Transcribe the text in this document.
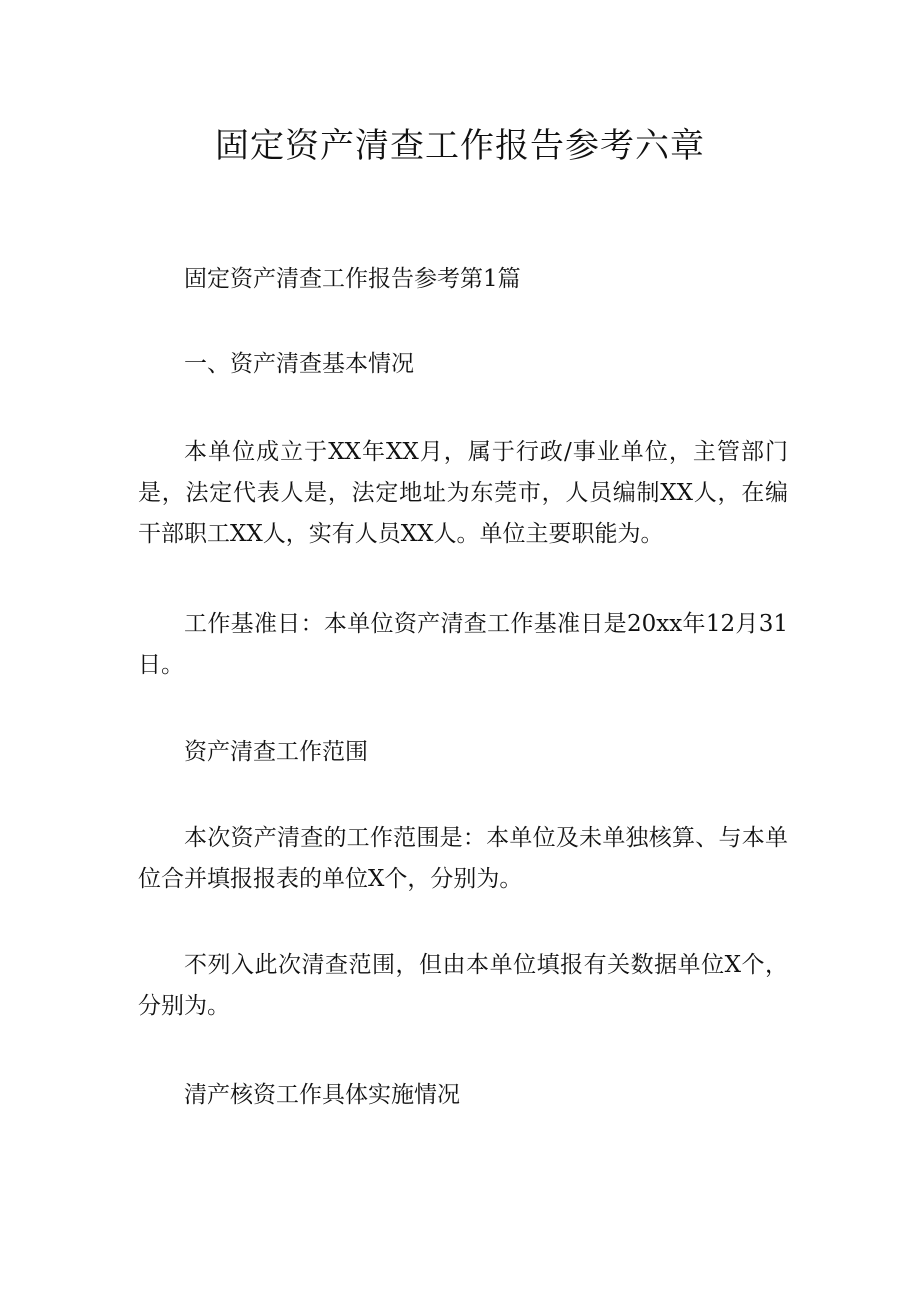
固定资产清查工作报告参考六章

固定资产清查工作报告参考第1篇

一、资产清查基本情况

本单位成立于XX年XX月，属于行政/事业单位，主管部门是，法定代表人是，法定地址为东莞市，人员编制XX人，在编干部职工XX人，实有人员XX人。单位主要职能为。

工作基准日：本单位资产清查工作基准日是20xx年12月31日。

资产清查工作范围

本次资产清查的工作范围是：本单位及未单独核算、与本单位合并填报报表的单位X个，分别为。

不列入此次清查范围，但由本单位填报有关数据单位X个，分别为。

清产核资工作具体实施情况
